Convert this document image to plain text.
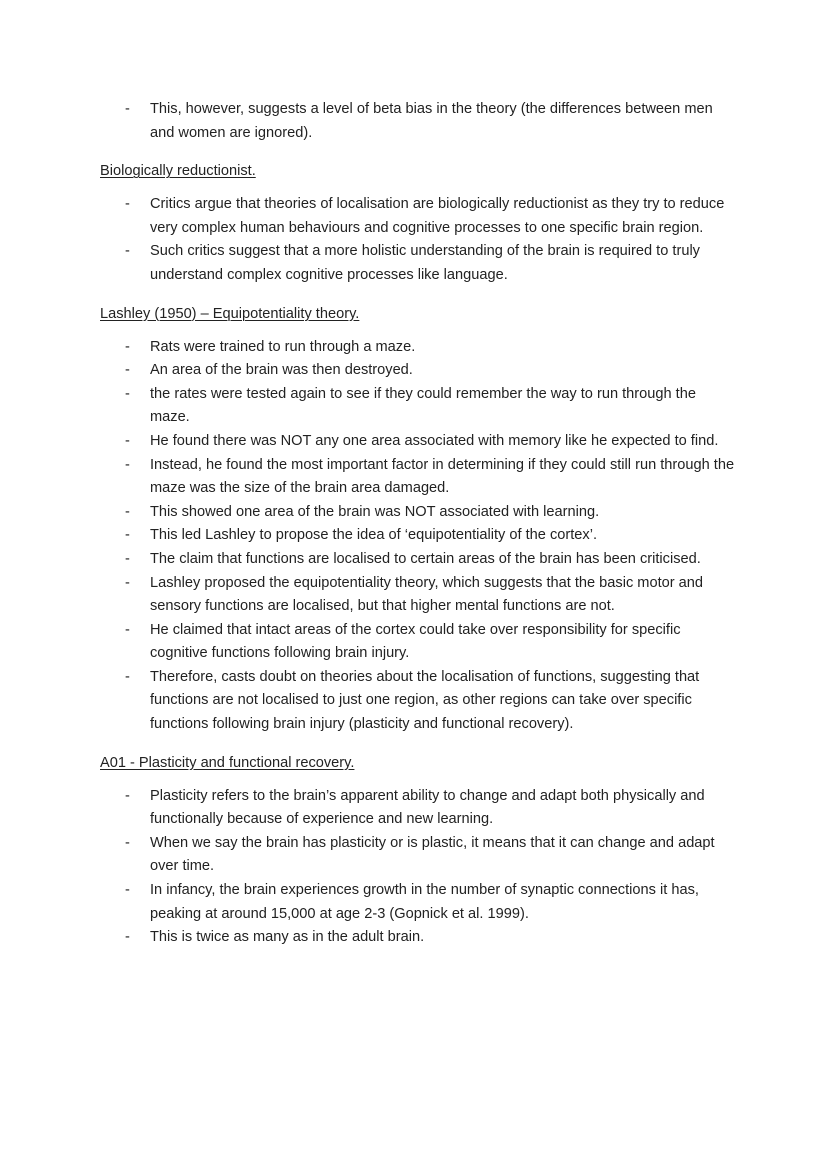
- This, however, suggests a level of beta bias in the theory (the differences between men and women are ignored).

Biologically reductionist.

- Critics argue that theories of localisation are biologically reductionist as they try to reduce very complex human behaviours and cognitive processes to one specific brain region.
- Such critics suggest that a more holistic understanding of the brain is required to truly understand complex cognitive processes like language.

Lashley (1950) – Equipotentiality theory.

- Rats were trained to run through a maze.
- An area of the brain was then destroyed.
- the rates were tested again to see if they could remember the way to run through the maze.
- He found there was NOT any one area associated with memory like he expected to find.
- Instead, he found the most important factor in determining if they could still run through the maze was the size of the brain area damaged.
- This showed one area of the brain was NOT associated with learning.
- This led Lashley to propose the idea of ‘equipotentiality of the cortex’.
- The claim that functions are localised to certain areas of the brain has been criticised.
- Lashley proposed the equipotentiality theory, which suggests that the basic motor and sensory functions are localised, but that higher mental functions are not.
- He claimed that intact areas of the cortex could take over responsibility for specific cognitive functions following brain injury.
- Therefore, casts doubt on theories about the localisation of functions, suggesting that functions are not localised to just one region, as other regions can take over specific functions following brain injury (plasticity and functional recovery).

A01 - Plasticity and functional recovery.

- Plasticity refers to the brain’s apparent ability to change and adapt both physically and functionally because of experience and new learning.
- When we say the brain has plasticity or is plastic, it means that it can change and adapt over time.
- In infancy, the brain experiences growth in the number of synaptic connections it has, peaking at around 15,000 at age 2-3 (Gopnick et al. 1999).
- This is twice as many as in the adult brain.
